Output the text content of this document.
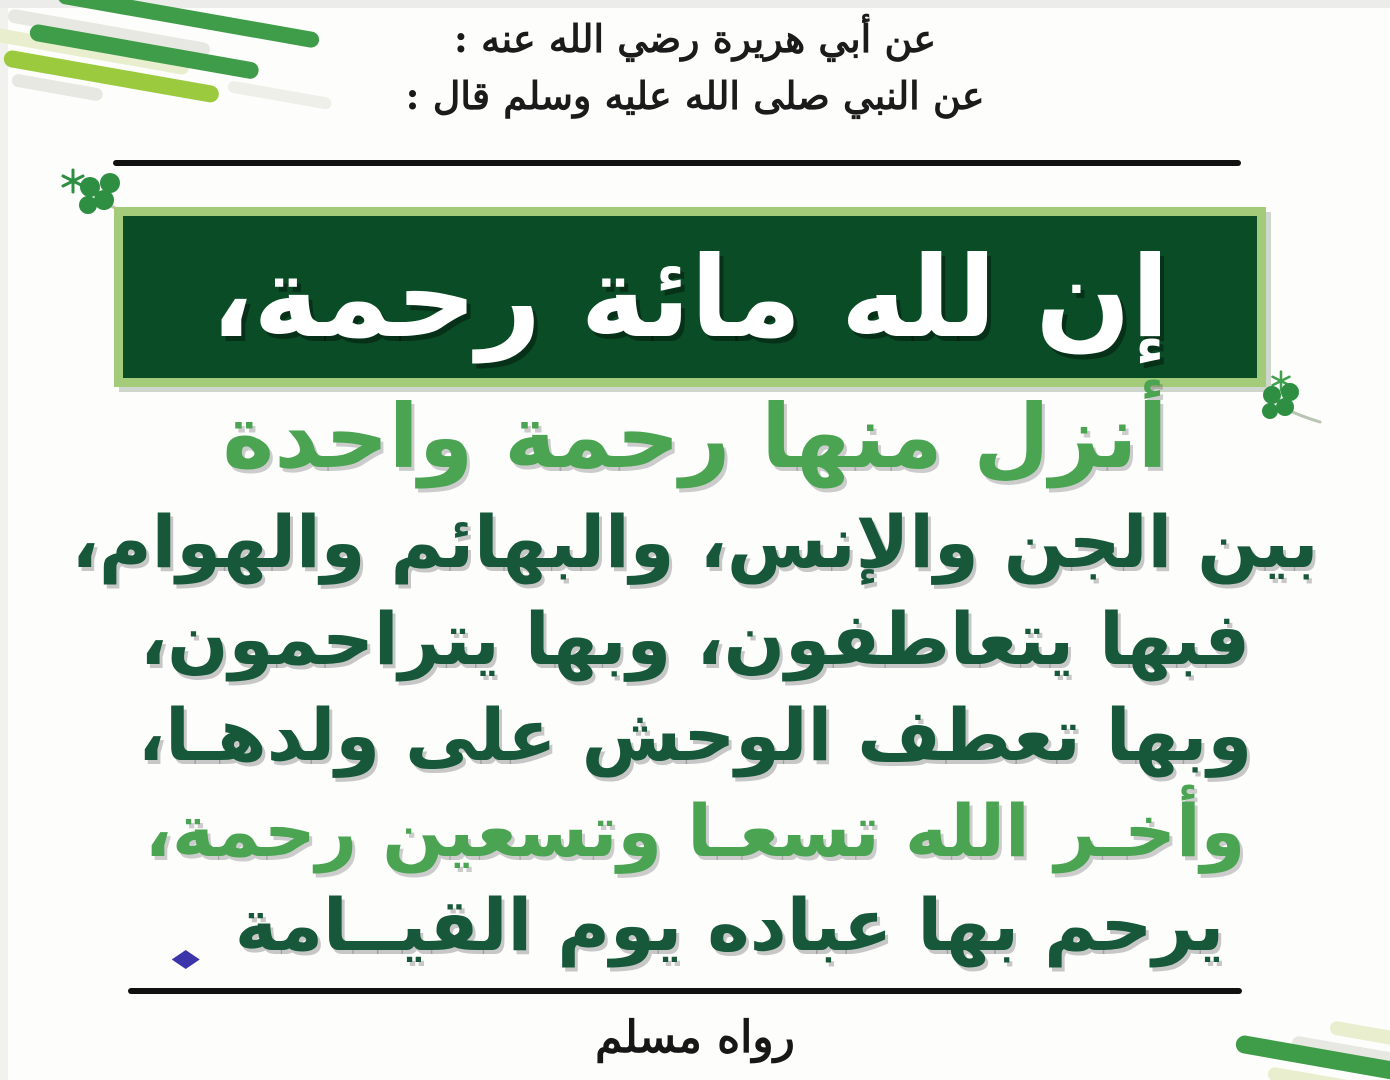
عن أبي هريرة رضي الله عنه :
عن النبي صلى الله عليه وسلم قال :
إن لله مائة رحمة،
أنزل منها رحمة واحدة
بين الجن والإنس، والبهائم والهوام،
فبها يتعاطفون، وبها يتراحمون،
وبها تعطف الوحش على ولدهـا،
وأخـر الله تسعـا وتسعين رحمة،
يرحم بها عباده يوم القيــامة
رواه مسلم
